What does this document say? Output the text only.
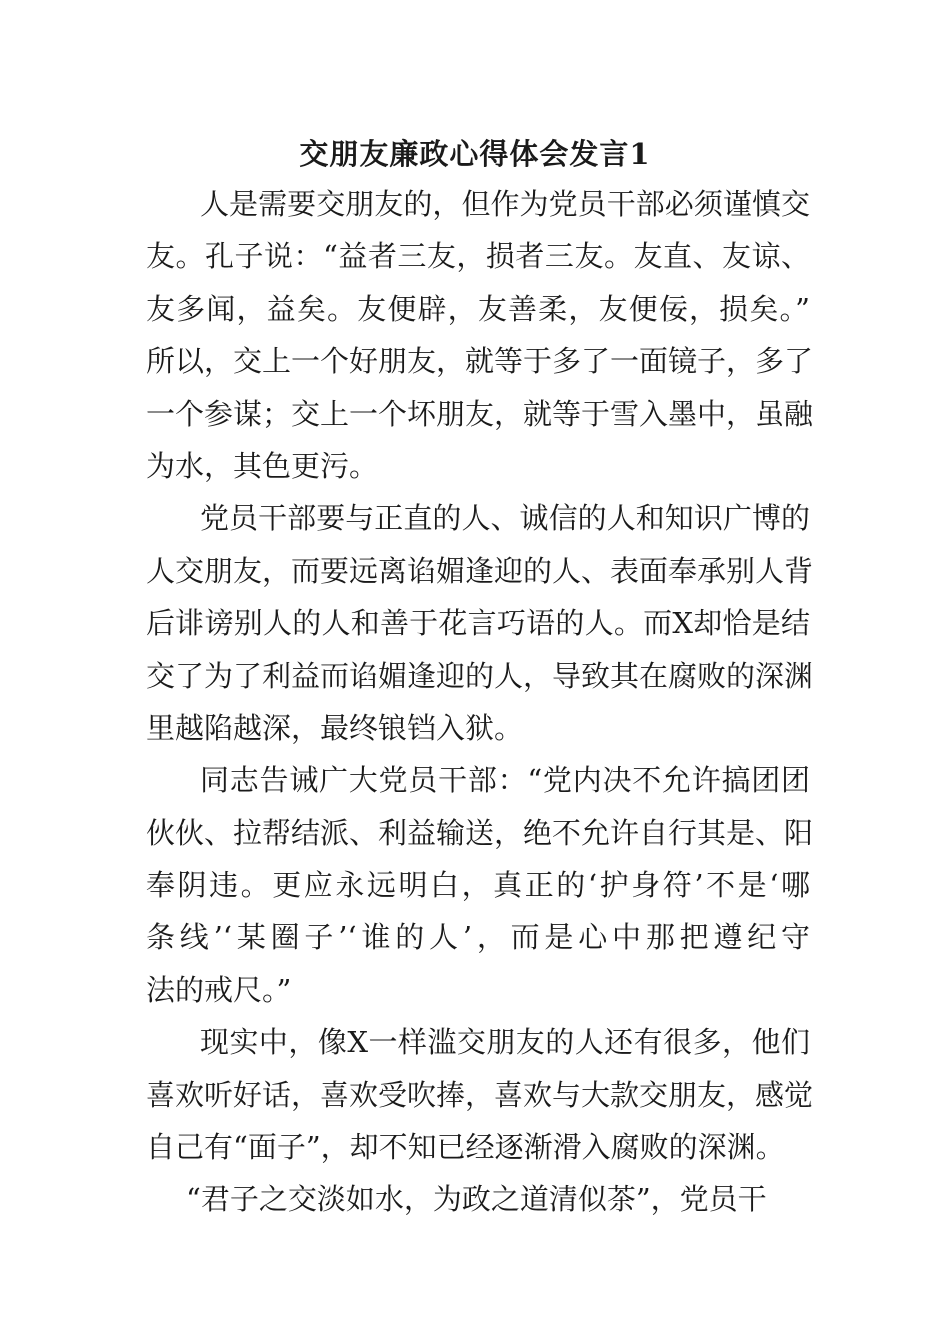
交朋友廉政心得体会发言1
人是需要交朋友的，但作为党员干部必须谨慎交
友。孔子说：“益者三友，损者三友。友直、友谅、
友多闻，益矣。友便辟，友善柔，友便佞，损矣。”
所以，交上一个好朋友，就等于多了一面镜子，多了
一个参谋；交上一个坏朋友，就等于雪入墨中，虽融
为水，其色更污。
党员干部要与正直的人、诚信的人和知识广博的
人交朋友，而要远离谄媚逢迎的人、表面奉承别人背
后诽谤别人的人和善于花言巧语的人。而X却恰是结
交了为了利益而谄媚逢迎的人，导致其在腐败的深渊
里越陷越深，最终锒铛入狱。
同志告诫广大党员干部：“党内决不允许搞团团
伙伙、拉帮结派、利益输送，绝不允许自行其是、阳
奉阴违。更应永远明白，真正的‘护身符’不是‘哪
条线’‘某圈子’‘谁的人’，而是心中那把遵纪守
法的戒尺。”
现实中，像X一样滥交朋友的人还有很多，他们
喜欢听好话，喜欢受吹捧，喜欢与大款交朋友，感觉
自己有“面子”，却不知已经逐渐滑入腐败的深渊。
“君子之交淡如水，为政之道清似茶”，党员干
